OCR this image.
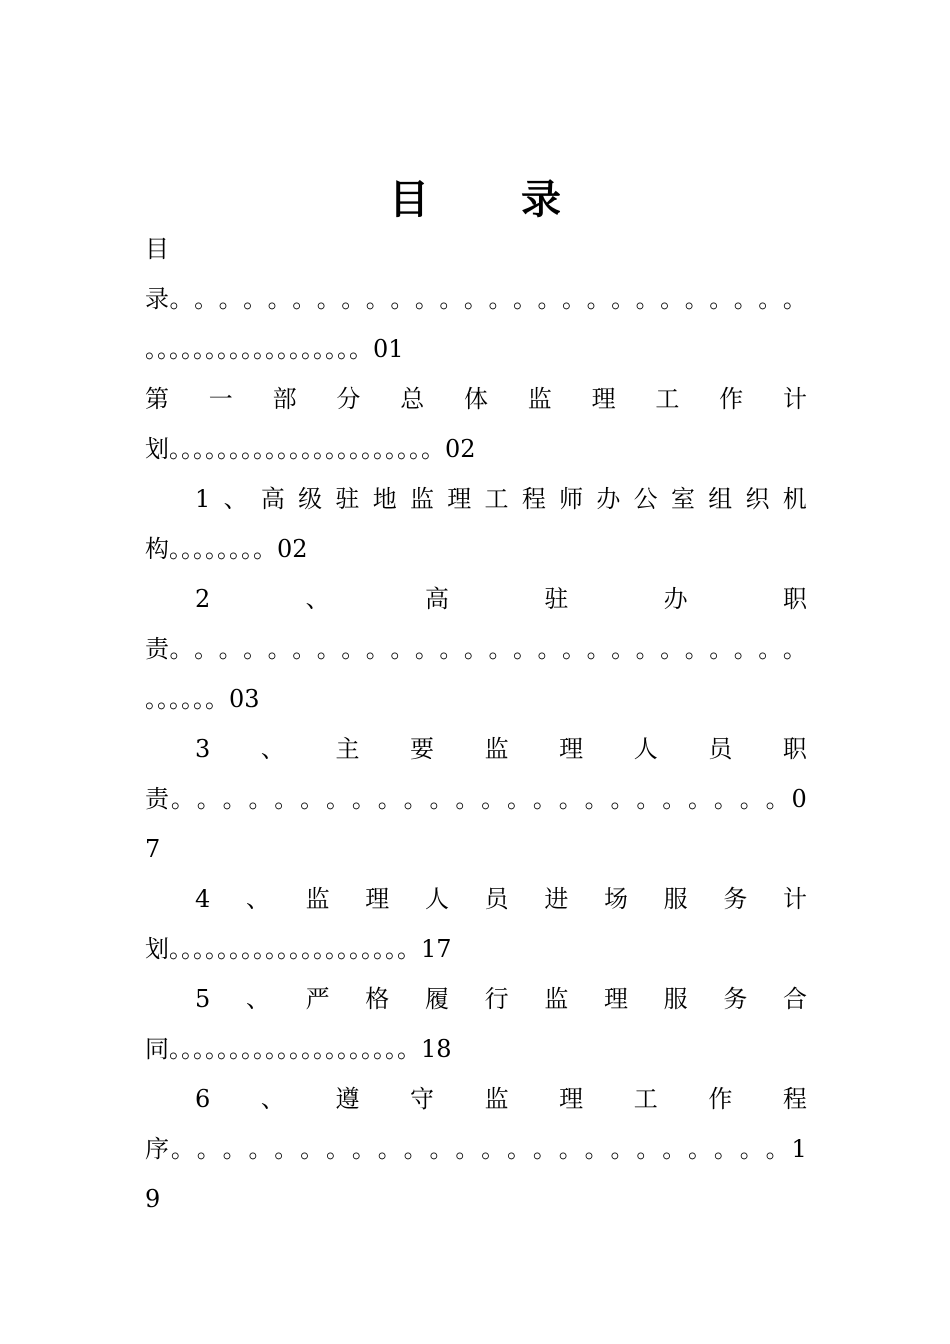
目 录
目
录 。 。 。 。 。 。 。 。 。 。 。 。 。 。 。 。 。 。 。 。 。 。 。 。 。 。
。。。。。。。。。。。。。。。。。。01
第 一 部 分 总 体 监 理 工 作 计
划。。。。。。。。。。。。。。。。。。。。。。02
1 、 高 级 驻 地 监 理 工 程 师 办 公 室 组 织 机
构。。。。。。。。02
2	、	高	驻	办	职
责 。 。 。 。 。 。 。 。 。 。 。 。 。 。 。 。 。 。 。 。 。 。 。 。 。 。
。。。。。。03
3 、 主 要 监 理 人 员 职
责 。 。 。 。 。 。 。 。 。 。 。 。 。 。 。 。 。 。 。 。 。 。 。 。 0
7
4 、 监 理 人 员 进 场 服 务 计
划。。。。。。。。。。。。。。。。。。。。17
5 、 严 格 履 行 监 理 服 务 合
同。。。。。。。。。。。。。。。。。。。。18
6 、 遵 守 监 理 工 作 程
序 。 。 。 。 。 。 。 。 。 。 。 。 。 。 。 。 。 。 。 。 。 。 。 。 1
9
